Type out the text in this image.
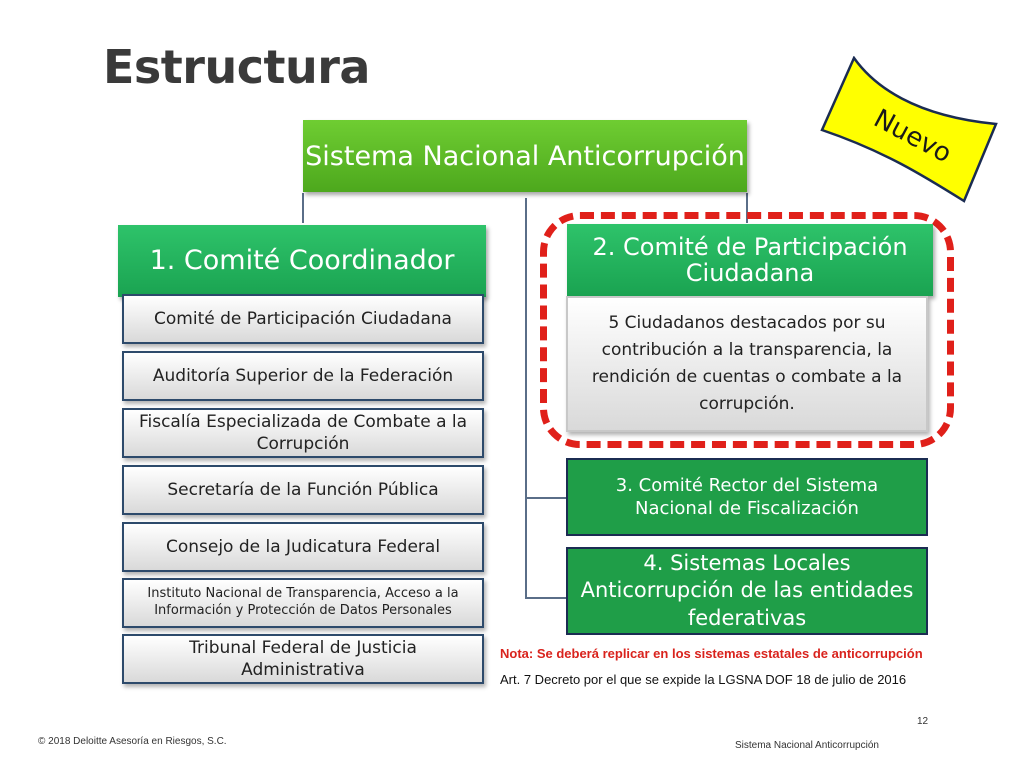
Estructura
Nuevo
Sistema Nacional Anticorrupción
1. Comité Coordinador
Comité de Participación Ciudadana
Auditoría Superior de la Federación
Fiscalía Especializada de Combate a la Corrupción
Secretaría de la Función Pública
Consejo de la Judicatura Federal
Instituto Nacional de Transparencia, Acceso a la Información y Protección de Datos Personales
Tribunal Federal de Justicia Administrativa
2. Comité de Participación Ciudadana
5 Ciudadanos destacados por su contribución a la transparencia, la rendición de cuentas o combate a la corrupción.
3. Comité Rector del Sistema Nacional de Fiscalización
4. Sistemas Locales Anticorrupción de las entidades federativas
Nota: Se deberá replicar en los sistemas estatales de anticorrupción
Art. 7 Decreto por el que se expide la LGSNA DOF 18 de julio de 2016
12
© 2018 Deloitte Asesoría en Riesgos, S.C.	Sistema Nacional Anticorrupción
